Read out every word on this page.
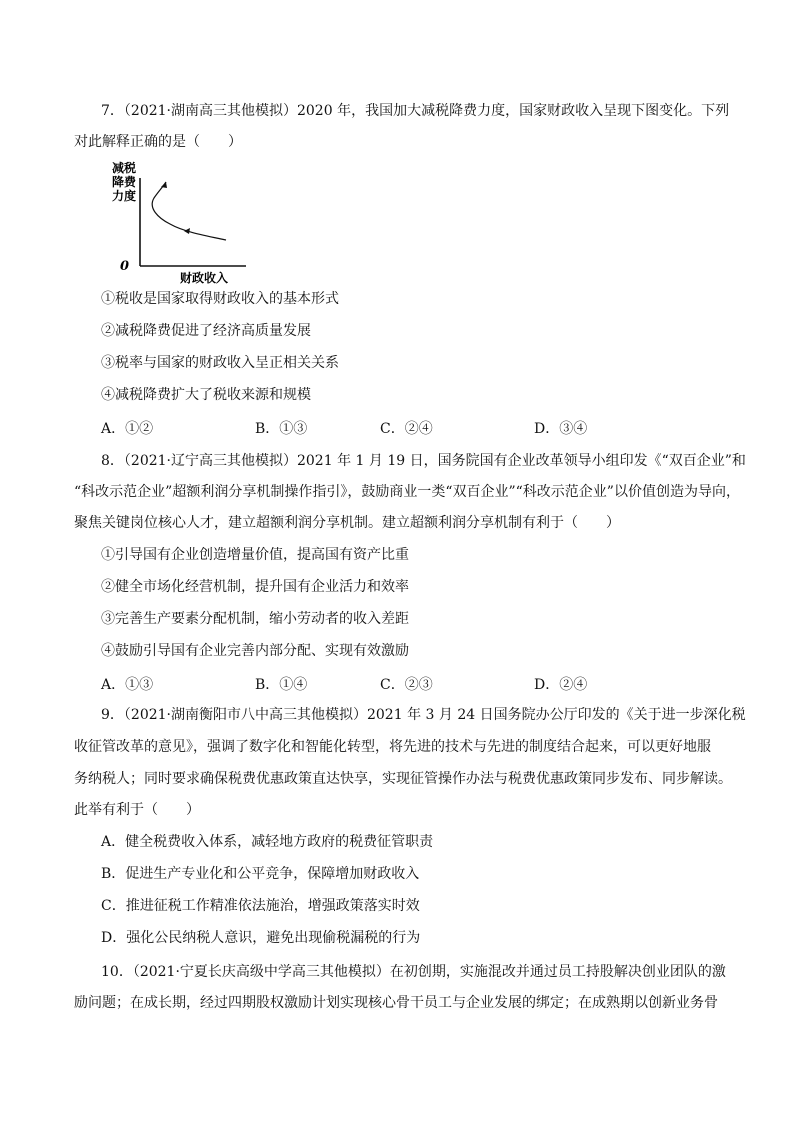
7．（2021·湖南高三其他模拟）2020 年，我国加大减税降费力度，国家财政收入呈现下图变化。下列
对此解释正确的是（　　）
减税
降费
力度
0
财政收入
①税收是国家取得财政收入的基本形式
②减税降费促进了经济高质量发展
③税率与国家的财政收入呈正相关关系
④减税降费扩大了税收来源和规模
A．①②	B．①③	C．②④	D．③④
8．（2021·辽宁高三其他模拟）2021 年 1 月 19 日，国务院国有企业改革领导小组印发《“双百企业”和
“科改示范企业”超额利润分享机制操作指引》，鼓励商业一类“双百企业”“科改示范企业”以价值创造为导向，
聚焦关键岗位核心人才，建立超额利润分享机制。建立超额利润分享机制有利于（　　）
①引导国有企业创造增量价值，提高国有资产比重
②健全市场化经营机制，提升国有企业活力和效率
③完善生产要素分配机制，缩小劳动者的收入差距
④鼓励引导国有企业完善内部分配、实现有效激励
A．①③	B．①④	C．②③	D．②④
9．（2021·湖南衡阳市八中高三其他模拟）2021 年 3 月 24 日国务院办公厅印发的《关于进一步深化税
收征管改革的意见》，强调了数字化和智能化转型，将先进的技术与先进的制度结合起来，可以更好地服
务纳税人；同时要求确保税费优惠政策直达快享，实现征管操作办法与税费优惠政策同步发布、同步解读。
此举有利于（　　）
A．健全税费收入体系，减轻地方政府的税费征管职责
B．促进生产专业化和公平竞争，保障增加财政收入
C．推进征税工作精准依法施治，增强政策落实时效
D．强化公民纳税人意识，避免出现偷税漏税的行为
10．（2021·宁夏长庆高级中学高三其他模拟）在初创期，实施混改并通过员工持股解决创业团队的激
励问题；在成长期，经过四期股权激励计划实现核心骨干员工与企业发展的绑定；在成熟期以创新业务骨
